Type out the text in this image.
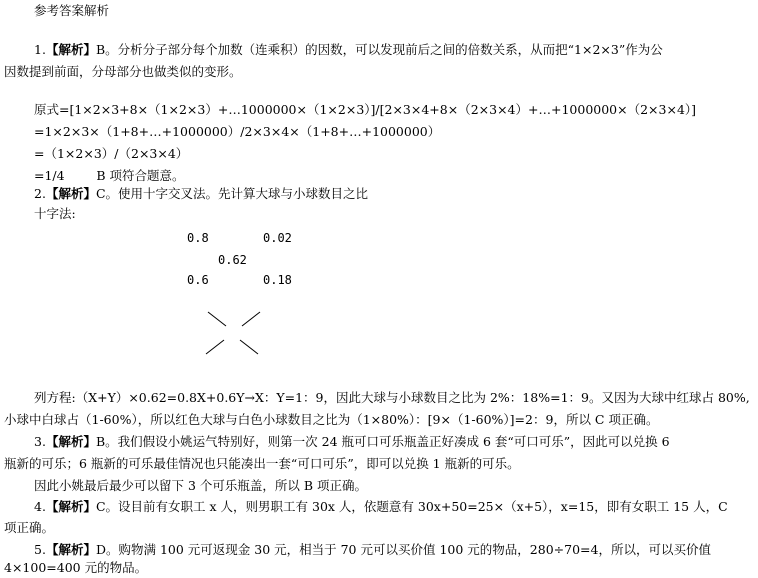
参考答案解析
1.【解析】B。分析分子部分每个加数（连乘积）的因数，可以发现前后之间的倍数关系，从而把“1×2×3”作为公
因数提到前面，分母部分也做类似的变形。
原式=[1×2×3+8×（1×2×3）+…1000000×（1×2×3）]/[2×3×4+8×（2×3×4）+…+1000000×（2×3×4）]
=1×2×3×（1+8+…+1000000）/2×3×4×（1+8+…+1000000）
=（1×2×3）/（2×3×4）
=1/4        B 项符合题意。
2.【解析】C。使用十字交叉法。先计算大球与小球数目之比
十字法:
0.8	0.02
0.62
0.6	0.18
列方程:（X+Y）×0.62=0.8X+0.6Y→X：Y=1：9，因此大球与小球数目之比为 2%：18%=1：9。又因为大球中红球占 80%,
小球中白球占（1-60%），所以红色大球与白色小球数目之比为（1×80%）：[9×（1-60%）]=2：9，所以 C 项正确。
3.【解析】B。我们假设小姚运气特别好，则第一次 24 瓶可口可乐瓶盖正好凑成 6 套“可口可乐”，因此可以兑换 6
瓶新的可乐；6 瓶新的可乐最佳情况也只能凑出一套“可口可乐”，即可以兑换 1 瓶新的可乐。
因此小姚最后最少可以留下 3 个可乐瓶盖，所以 B 项正确。
4.【解析】C。设目前有女职工 x 人，则男职工有 30x 人，依题意有 30x+50=25×（x+5），x=15，即有女职工 15 人，C
项正确。
5.【解析】D。购物满 100 元可返现金 30 元，相当于 70 元可以买价值 100 元的物品，280÷70=4，所以，可以买价值
4×100=400 元的物品。
